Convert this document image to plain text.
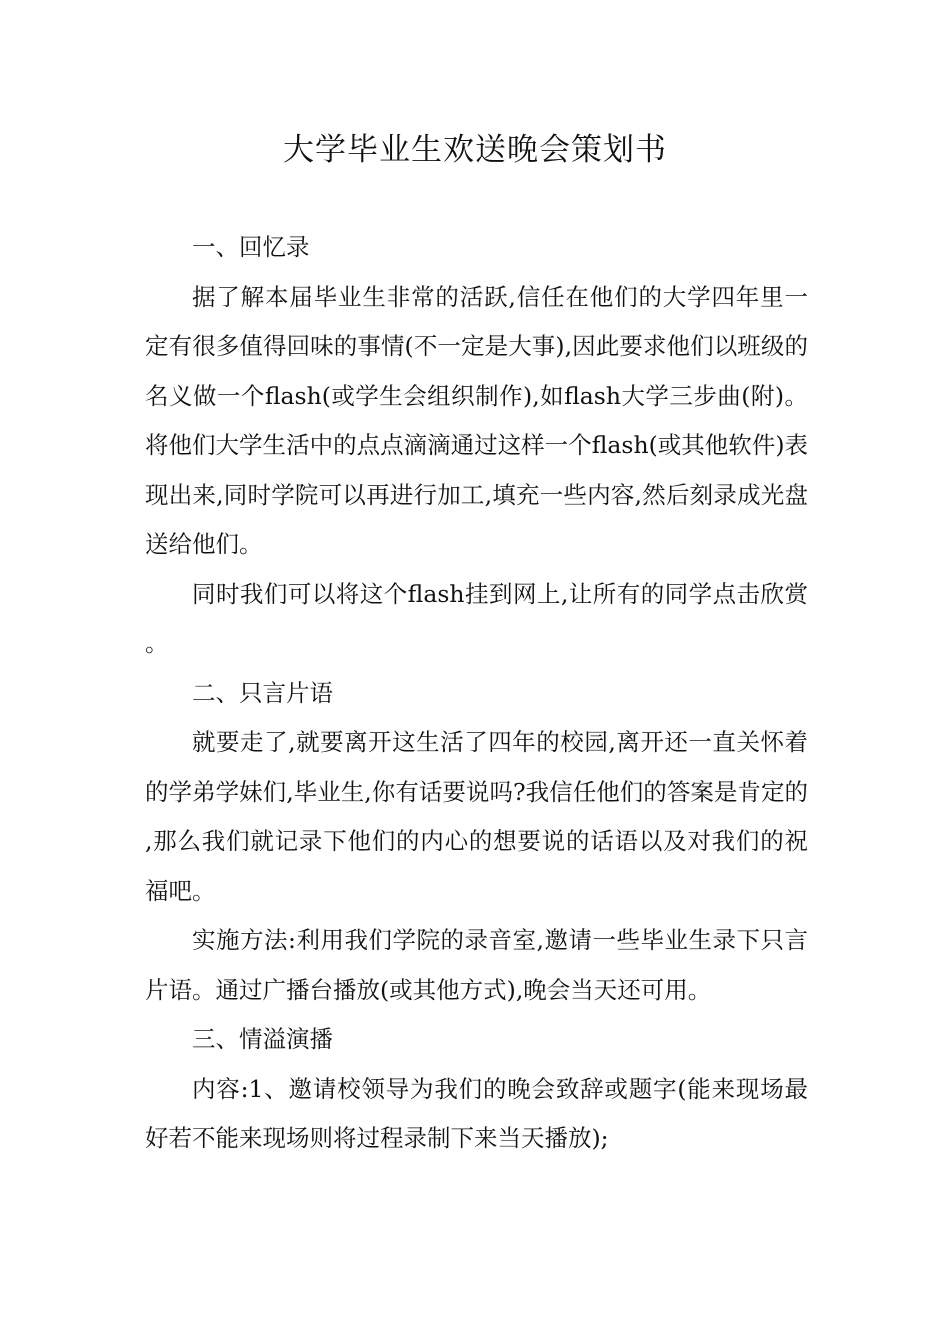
大学毕业生欢送晚会策划书

一、回忆录

据了解本届毕业生非常的活跃,信任在他们的大学四年里一定有很多值得回味的事情(不一定是大事),因此要求他们以班级的名义做一个flash(或学生会组织制作),如flash大学三步曲(附)。将他们大学生活中的点点滴滴通过这样一个flash(或其他软件)表现出来,同时学院可以再进行加工,填充一些内容,然后刻录成光盘送给他们。

同时我们可以将这个flash挂到网上,让所有的同学点击欣赏。

二、只言片语

就要走了,就要离开这生活了四年的校园,离开还一直关怀着的学弟学妹们,毕业生,你有话要说吗?我信任他们的答案是肯定的,那么我们就记录下他们的内心的想要说的话语以及对我们的祝福吧。

实施方法:利用我们学院的录音室,邀请一些毕业生录下只言片语。通过广播台播放(或其他方式),晚会当天还可用。

三、情溢演播

内容:1、邀请校领导为我们的晚会致辞或题字(能来现场最好若不能来现场则将过程录制下来当天播放);
